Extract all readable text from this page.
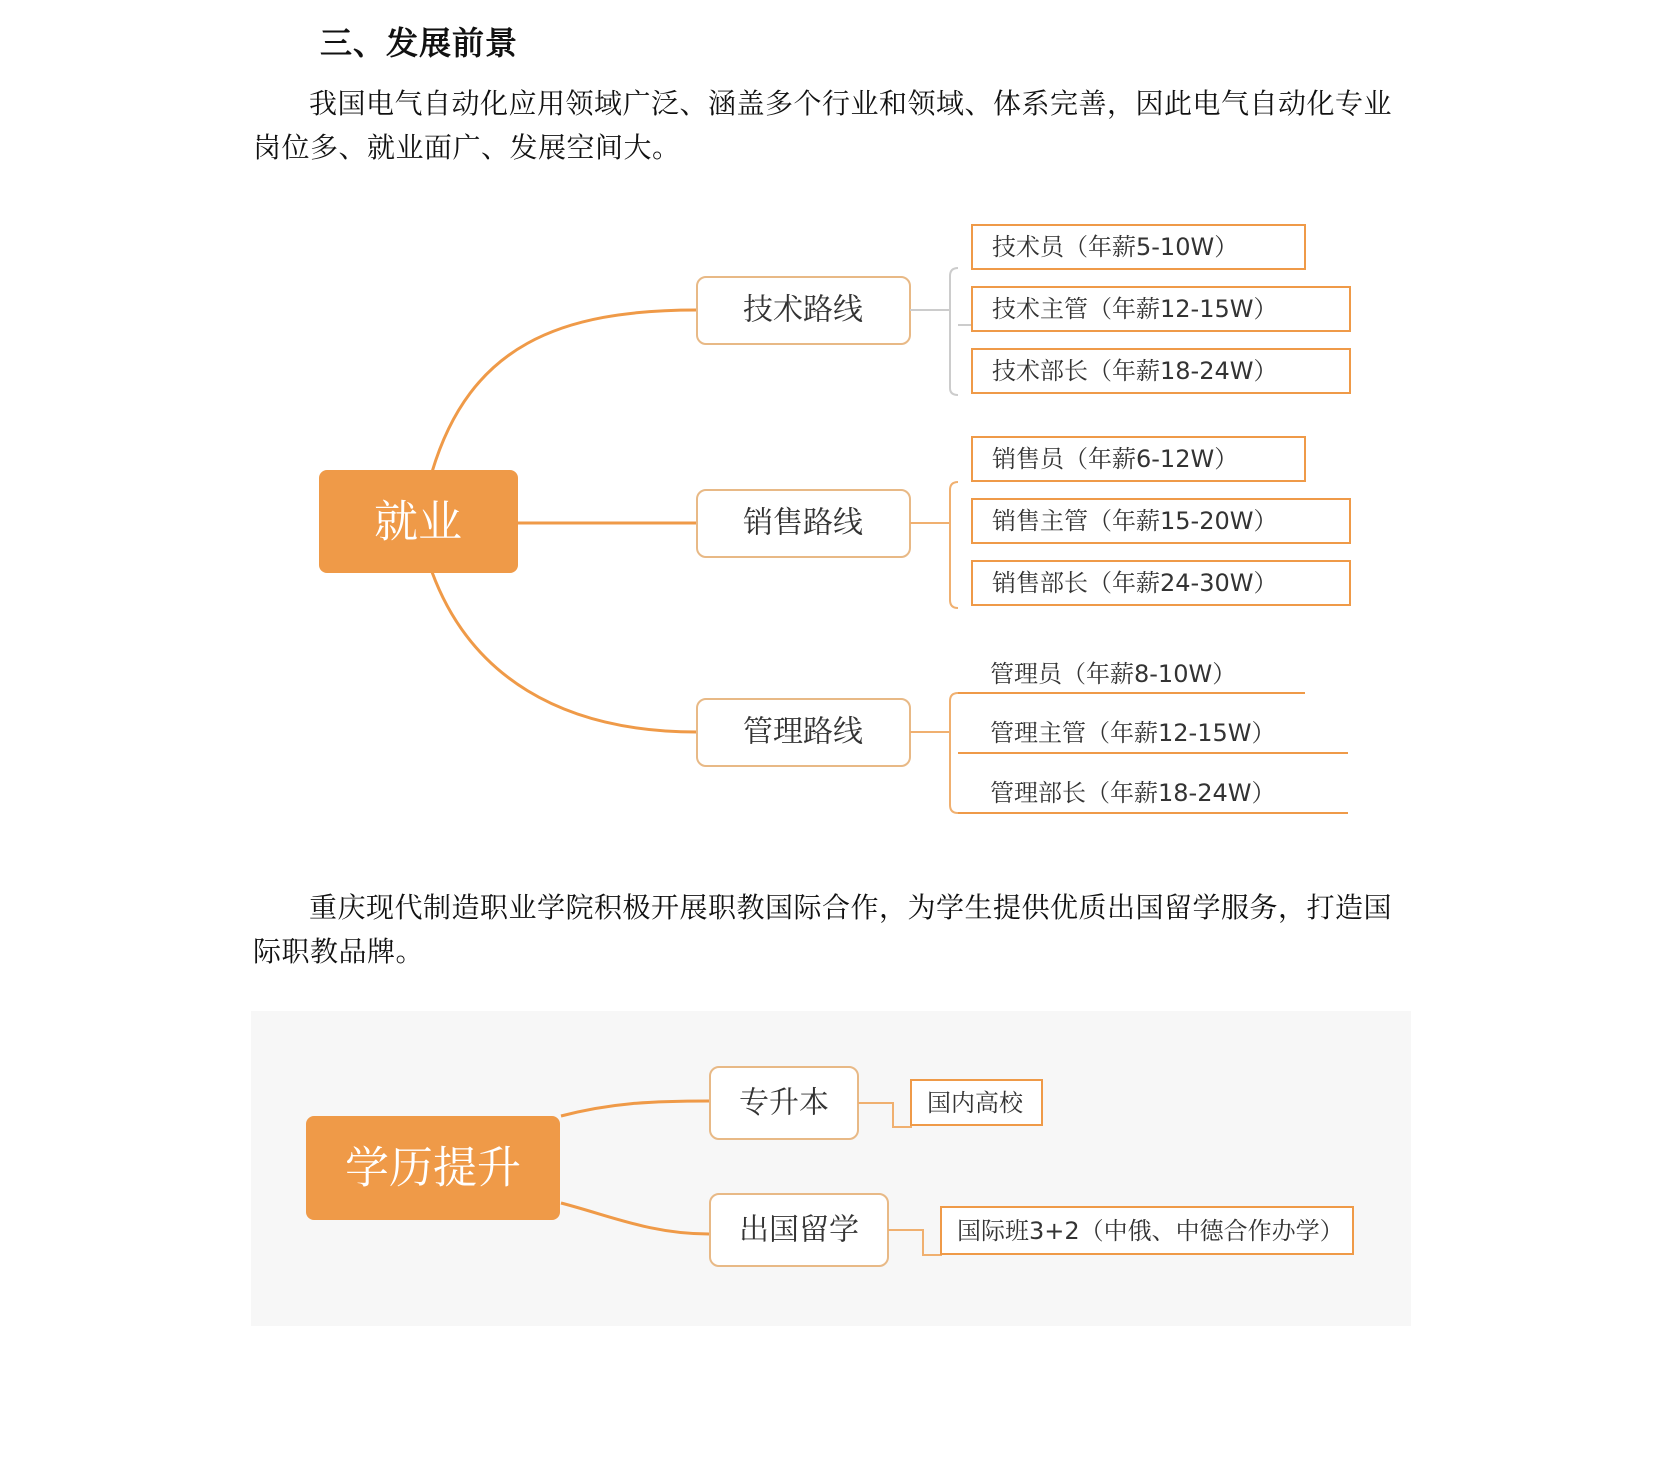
三、发展前景

我国电气自动化应用领域广泛、涵盖多个行业和领域、体系完善，因此电气自动化专业岗位多、就业面广、发展空间大。

就业
技术路线
技术员（年薪5-10W）
技术主管（年薪12-15W）
技术部长（年薪18-24W）
销售路线
销售员（年薪6-12W）
销售主管（年薪15-20W）
销售部长（年薪24-30W）
管理路线
管理员（年薪8-10W）
管理主管（年薪12-15W）
管理部长（年薪18-24W）

重庆现代制造职业学院积极开展职教国际合作，为学生提供优质出国留学服务，打造国际职教品牌。

学历提升
专升本	国内高校
出国留学	国际班3+2（中俄、中德合作办学）
